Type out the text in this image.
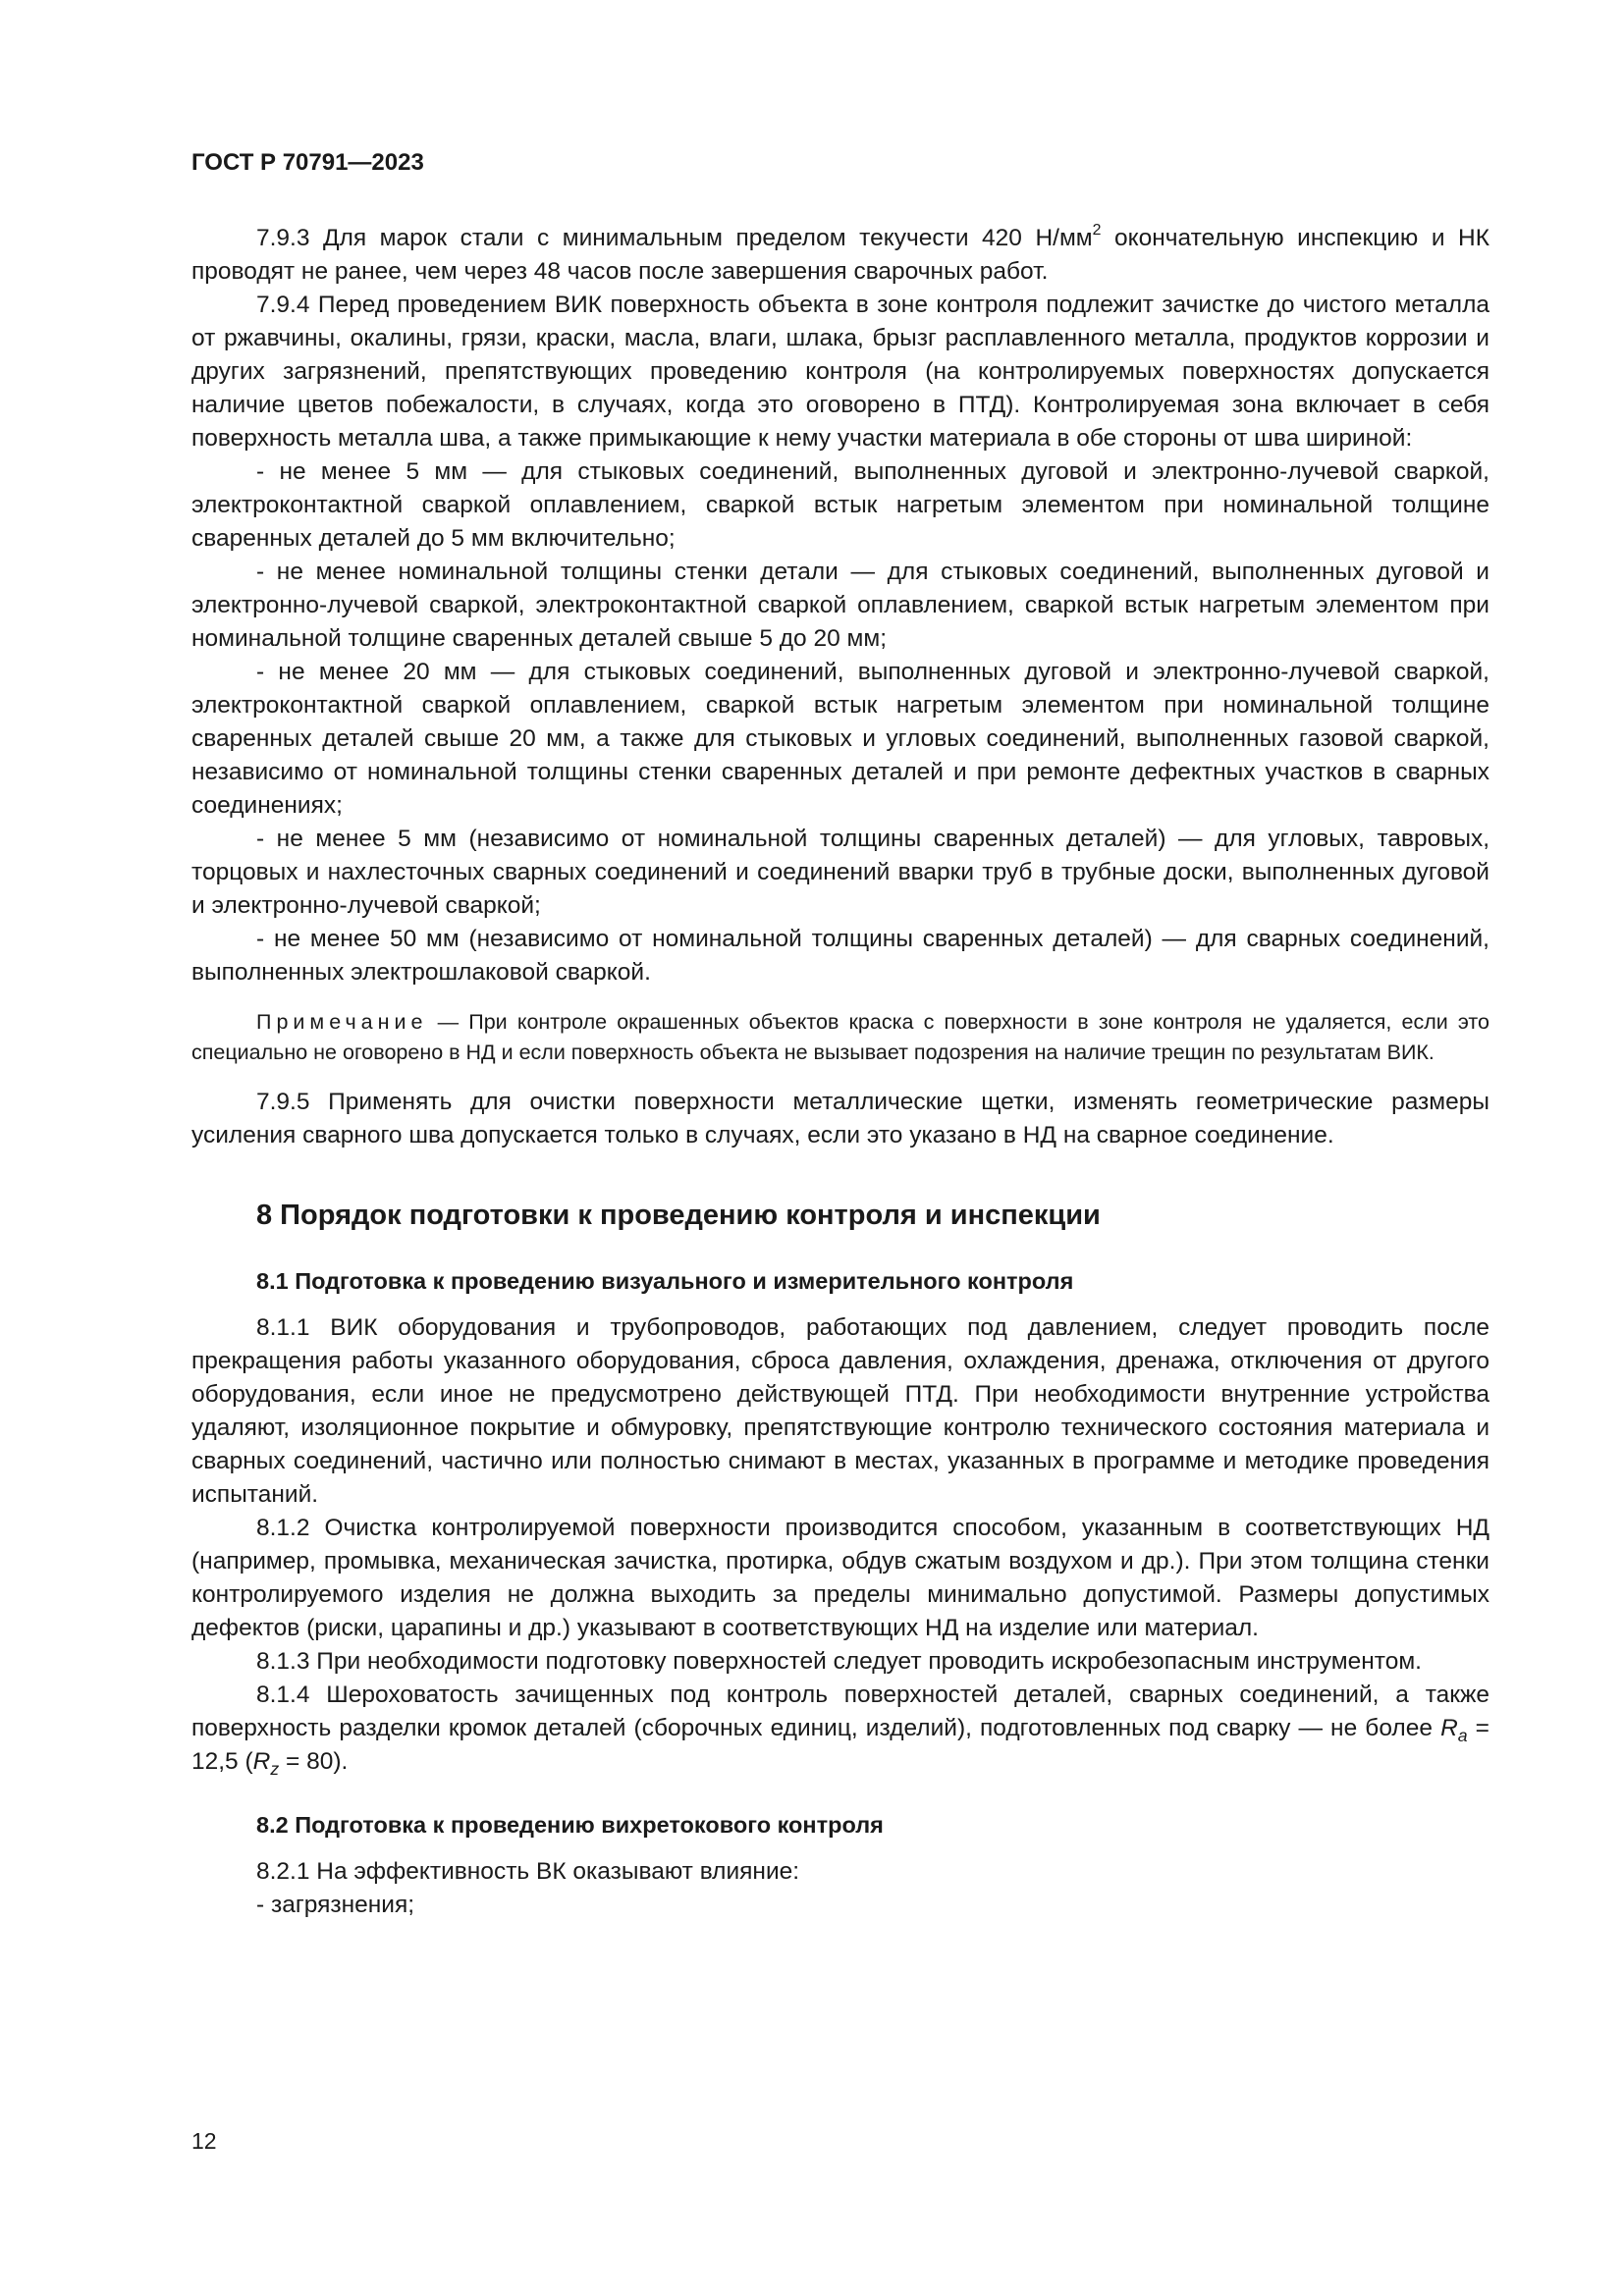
ГОСТ Р 70791—2023

7.9.3 Для марок стали с минимальным пределом текучести 420 $Н/мм^2$ окончательную инспекцию и НК проводят не ранее, чем через 48 часов после завершения сварочных работ.

7.9.4 Перед проведением ВИК поверхность объекта в зоне контроля подлежит зачистке до чистого металла от ржавчины, окалины, грязи, краски, масла, влаги, шлака, брызг расплавленного металла, продуктов коррозии и других загрязнений, препятствующих проведению контроля (на контролируемых поверхностях допускается наличие цветов побежалости, в случаях, когда это оговорено в ПТД). Контролируемая зона включает в себя поверхность металла шва, а также примыкающие к нему участки материала в обе стороны от шва шириной:

- не менее 5 мм — для стыковых соединений, выполненных дуговой и электронно-лучевой сваркой, электроконтактной сваркой оплавлением, сваркой встык нагретым элементом при номинальной толщине сваренных деталей до 5 мм включительно;

- не менее номинальной толщины стенки детали — для стыковых соединений, выполненных дуговой и электронно-лучевой сваркой, электроконтактной сваркой оплавлением, сваркой встык нагретым элементом при номинальной толщине сваренных деталей свыше 5 до 20 мм;

- не менее 20 мм — для стыковых соединений, выполненных дуговой и электронно-лучевой сваркой, электроконтактной сваркой оплавлением, сваркой встык нагретым элементом при номинальной толщине сваренных деталей свыше 20 мм, а также для стыковых и угловых соединений, выполненных газовой сваркой, независимо от номинальной толщины стенки сваренных деталей и при ремонте дефектных участков в сварных соединениях;

- не менее 5 мм (независимо от номинальной толщины сваренных деталей) — для угловых, тавровых, торцовых и нахлесточных сварных соединений и соединений вварки труб в трубные доски, выполненных дуговой и электронно-лучевой сваркой;

- не менее 50 мм (независимо от номинальной толщины сваренных деталей) — для сварных соединений, выполненных электрошлаковой сваркой.

Примечание — При контроле окрашенных объектов краска с поверхности в зоне контроля не удаляется, если это специально не оговорено в НД и если поверхность объекта не вызывает подозрения на наличие трещин по результатам ВИК.

7.9.5 Применять для очистки поверхности металлические щетки, изменять геометрические размеры усиления сварного шва допускается только в случаях, если это указано в НД на сварное соединение.

8 Порядок подготовки к проведению контроля и инспекции
8.1 Подготовка к проведению визуального и измерительного контроля

8.1.1 ВИК оборудования и трубопроводов, работающих под давлением, следует проводить после прекращения работы указанного оборудования, сброса давления, охлаждения, дренажа, отключения от другого оборудования, если иное не предусмотрено действующей ПТД. При необходимости внутренние устройства удаляют, изоляционное покрытие и обмуровку, препятствующие контролю технического состояния материала и сварных соединений, частично или полностью снимают в местах, указанных в программе и методике проведения испытаний.

8.1.2 Очистка контролируемой поверхности производится способом, указанным в соответствующих НД (например, промывка, механическая зачистка, протирка, обдув сжатым воздухом и др.). При этом толщина стенки контролируемого изделия не должна выходить за пределы минимально допустимой. Размеры допустимых дефектов (риски, царапины и др.) указывают в соответствующих НД на изделие или материал.

8.1.3 При необходимости подготовку поверхностей следует проводить искробезопасным инструментом.

8.1.4 Шероховатость зачищенных под контроль поверхностей деталей, сварных соединений, а также поверхность разделки кромок деталей (сборочных единиц, изделий), подготовленных под сварку — не более $R_a = 12,5$ $(R_z = 80)$.

8.2 Подготовка к проведению вихретокового контроля

8.2.1 На эффективность ВК оказывают влияние:

- загрязнения;

12
